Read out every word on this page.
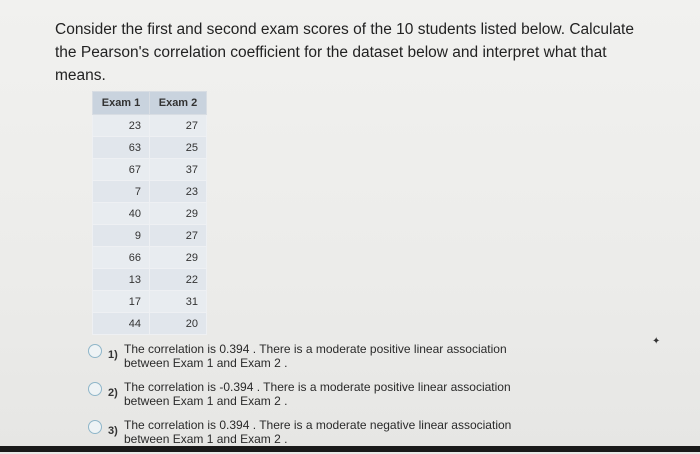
Consider the first and second exam scores of the 10 students listed below. Calculate the Pearson's correlation coefficient for the dataset below and interpret what that means.
Exam 1	Exam 2
23	27
63	25
67	37
7	23
40	29
9	27
66	29
13	22
17	31
44	20
1) The correlation is 0.394 . There is a moderate positive linear association
between Exam 1 and Exam 2 .
2) The correlation is -0.394 . There is a moderate positive linear association
between Exam 1 and Exam 2 .
3) The correlation is 0.394 . There is a moderate negative linear association
between Exam 1 and Exam 2 .
✦
